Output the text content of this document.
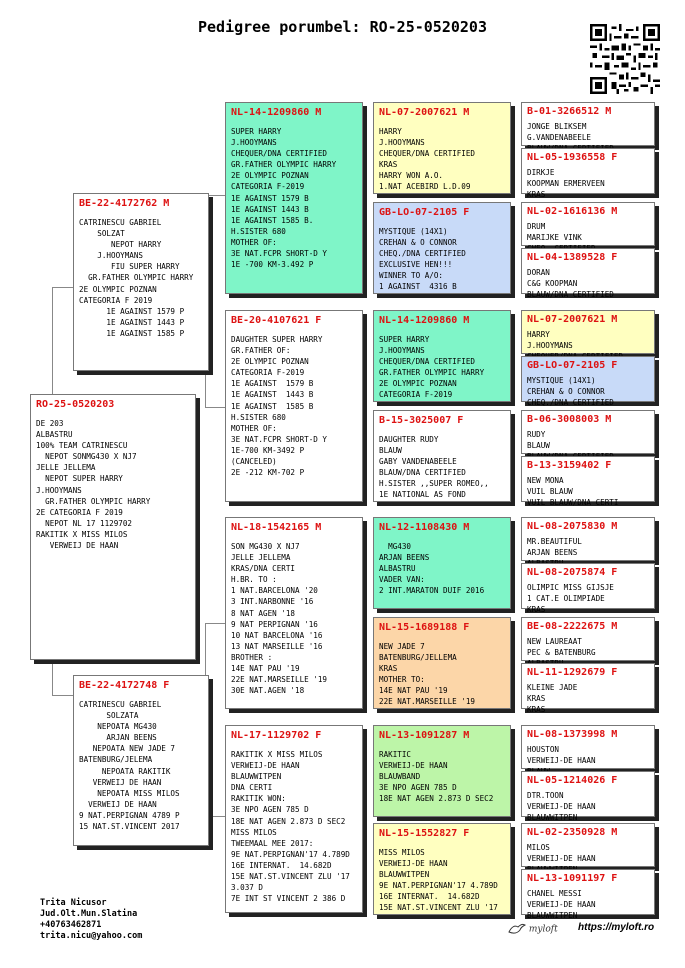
Pedigree porumbel: RO-25-0520203
RO-25-0520203
DE 203
ALBASTRU
100% TEAM CATRINESCU
NEPOT SONMG430 X NJ7
JELLE JELLEMA
NEPOT SUPER HARRY
J.HOOYMANS
GR.FATHER OLYMPIC HARRY
2E CATEGORIA F 2019
NEPOT NL 17 1129702
RAKITIK X MISS MILOS
VERWEIJ DE HAAN
BE-22-4172762 M
CATRINESCU GABRIEL
SOLZAT
NEPOT HARRY
J.HOOYMANS
FIU SUPER HARRY
GR.FATHER OLYMPIC HARRY
2E OLYMPIC POZNAN
CATEGORIA F 2019
1E AGAINST 1579 P
1E AGAINST 1443 P
1E AGAINST 1585 P
BE-22-4172748 F
CATRINESCU GABRIEL
SOLZATA
NEPOATA MG430
ARJAN BEENS
NEPOATA NEW JADE 7
BATENBURG/JELEMA
NEPOATA RAKITIK
VERWEIJ DE HAAN
NEPOATA MISS MILOS
VERWEIJ DE HAAN
9 NAT.PERPIGNAN 4789 P
15 NAT.ST.VINCENT 2017
NL-14-1209860 M
SUPER HARRY
J.HOOYMANS
CHEQUER/DNA CERTIFIED
GR.FATHER OLYMPIC HARRY
2E OLYMPIC POZNAN
CATEGORIA F-2019
1E AGAINST 1579 B
1E AGAINST 1443 B
1E AGAINST 1585 B.
H.SISTER 680
MOTHER OF:
3E NAT.FCPR SHORT-D Y
1E -700 KM-3.492 P
BE-20-4107621 F
DAUGHTER SUPER HARRY
GR.FATHER OF:
2E OLYMPIC POZNAN
CATEGORIA F-2019
1E AGAINST  1579 B
1E AGAINST  1443 B
1E AGAINST  1585 B
H.SISTER 680
MOTHER OF:
3E NAT.FCPR SHORT-D Y
1E-700 KM-3492 P
(CANCELED)
2E -212 KM-702 P
NL-18-1542165 M
SON MG430 X NJ7
JELLE JELLEMA
KRAS/DNA CERTI
H.BR. TO :
1 NAT.BARCELONA '20
3 INT.NARBONNE '16
8 NAT AGEN '18
9 NAT PERPIGNAN '16
10 NAT BARCELONA '16
13 NAT MARSEILLE '16
BROTHER :
14E NAT PAU '19
22E NAT.MARSEILLE '19
30E NAT.AGEN '18
NL-17-1129702 F
RAKITIK X MISS MILOS
VERWEIJ-DE HAAN
BLAUWWITPEN
DNA CERTI
RAKITIK WON:
3E NPO AGEN 785 D
18E NAT AGEN 2.873 D SEC2
MISS MILOS
TWEEMAAL MEE 2017:
9E NAT.PERPIGNAN'17 4.789D
16E INTERNAT.  14.682D
15E NAT.ST.VINCENT ZLU '17
3.037 D
7E INT ST VINCENT 2 386 D
NL-07-2007621 M
HARRY
J.HOOYMANS
CHEQUER/DNA CERTIFIED
KRAS
HARRY WON A.O.
1.NAT ACEBIRD L.D.09
GB-LO-07-2105 F
MYSTIQUE (14X1)
CREHAN & O CONNOR
CHEQ./DNA CERTIFIED
EXCLUSIVE HEN!!!
WINNER TO A/O:
1 AGAINST  4316 B
NL-14-1209860 M
SUPER HARRY
J.HOOYMANS
CHEQUER/DNA CERTIFIED
GR.FATHER OLYMPIC HARRY
2E OLYMPIC POZNAN
CATEGORIA F-2019
B-15-3025007 F
DAUGHTER RUDY
BLAUW
GABY VANDENABEELE
BLAUW/DNA CERTIFIED
H.SISTER ,,SUPER ROMEO,,
1E NATIONAL AS FOND
NL-12-1108430 M
MG430
ARJAN BEENS
ALBASTRU
VADER VAN:
2 INT.MARATON DUIF 2016
NL-15-1689188 F
NEW JADE 7
BATENBURG/JELLEMA
KRAS
MOTHER TO:
14E NAT PAU '19
22E NAT.MARSEILLE '19
NL-13-1091287 M
RAKITIC
VERWEIJ-DE HAAN
BLAUWBAND
3E NPO AGEN 785 D
18E NAT AGEN 2.873 D SEC2
NL-15-1552827 F
MISS MILOS
VERWEIJ-DE HAAN
BLAUWWITPEN
9E NAT.PERPIGNAN'17 4.789D
16E INTERNAT.  14.682D
15E NAT.ST.VINCENT ZLU '17
B-01-3266512 M
JONGE BLIKSEM
G.VANDENABEELE
NL-05-1936558 F
DIRKJE
KOOPMAN ERMERVEEN
KRAS
NL-02-1616136 M
DRUM
MARIJKE VINK
NL-04-1389528 F
DORAN
C&G KOOPMAN
BLAUW/DNA CERTIFIED
NL-07-2007621 M
HARRY
J.HOOYMANS
GB-LO-07-2105 F
MYSTIQUE (14X1)
CREHAN & O CONNOR
CHEQ./DNA CERTIFIED
B-06-3008003 M
RUDY
BLAUW
B-13-3159402 F
NEW MONA
VUIL BLAUW
VUIL BLAUW/DNA CERTI
NL-08-2075830 M
MR.BEAUTIFUL
ARJAN BEENS
NL-08-2075874 F
OLIMPIC MISS GIJSJE
1 CAT.E OLIMPIADE
KRAS
BE-08-2222675 M
NEW LAUREAAT
PEC & BATENBURG
NL-11-1292679 F
KLEINE JADE
KRAS
KRAS
NL-08-1373998 M
HOUSTON
VERWEIJ-DE HAAN
NL-05-1214026 F
DTR.TOON
VERWEIJ-DE HAAN
BLAUWWITPEN
NL-02-2350928 M
MILOS
VERWEIJ-DE HAAN
NL-13-1091197 F
CHANEL MESSI
VERWEIJ-DE HAAN
BLAUWWITPEN
Trita Nicusor
Jud.Olt.Mun.Slatina
+40763462871
trita.nicu@yahoo.com
myloft https://myloft.ro
